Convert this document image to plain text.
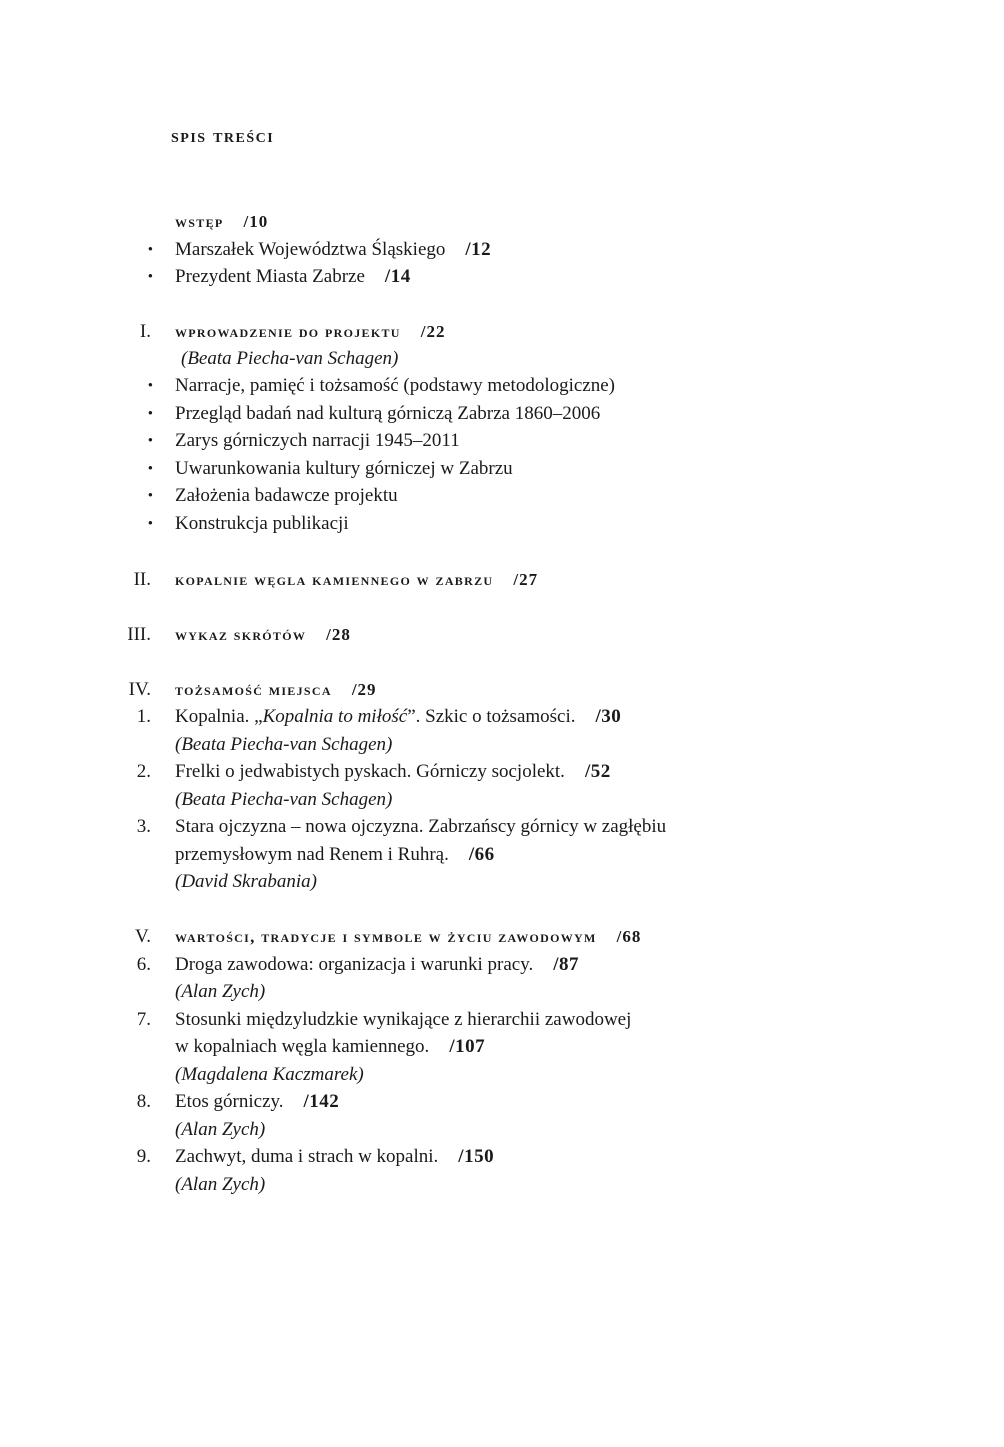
spis treści
wstęp /10
• Marszałek Województwa Śląskiego /12
• Prezydent Miasta Zabrze /14
I. wprowadzenie do projektu /22
(Beata Piecha-van Schagen)
• Narracje, pamięć i tożsamość (podstawy metodologiczne)
• Przegląd badań nad kulturą górniczą Zabrza 1860–2006
• Zarys górniczych narracji 1945–2011
• Uwarunkowania kultury górniczej w Zabrzu
• Założenia badawcze projektu
• Konstrukcja publikacji
II. kopalnie węgla kamiennego w zabrzu /27
III. wykaz skrótów /28
IV. tożsamość miejsca /29
1. Kopalnia. „Kopalnia to miłość”. Szkic o tożsamości. /30
(Beata Piecha-van Schagen)
2. Frelki o jedwabistych pyskach. Górniczy socjolekt. /52
(Beata Piecha-van Schagen)
3. Stara ojczyzna – nowa ojczyzna. Zabrzańscy górnicy w zagłębiu
przemysłowym nad Renem i Ruhrą. /66
(David Skrabania)
V. wartości, tradycje i symbole w życiu zawodowym /68
6. Droga zawodowa: organizacja i warunki pracy. /87
(Alan Zych)
7. Stosunki międzyludzkie wynikające z hierarchii zawodowej
w kopalniach węgla kamiennego. /107
(Magdalena Kaczmarek)
8. Etos górniczy. /142
(Alan Zych)
9. Zachwyt, duma i strach w kopalni. /150
(Alan Zych)
